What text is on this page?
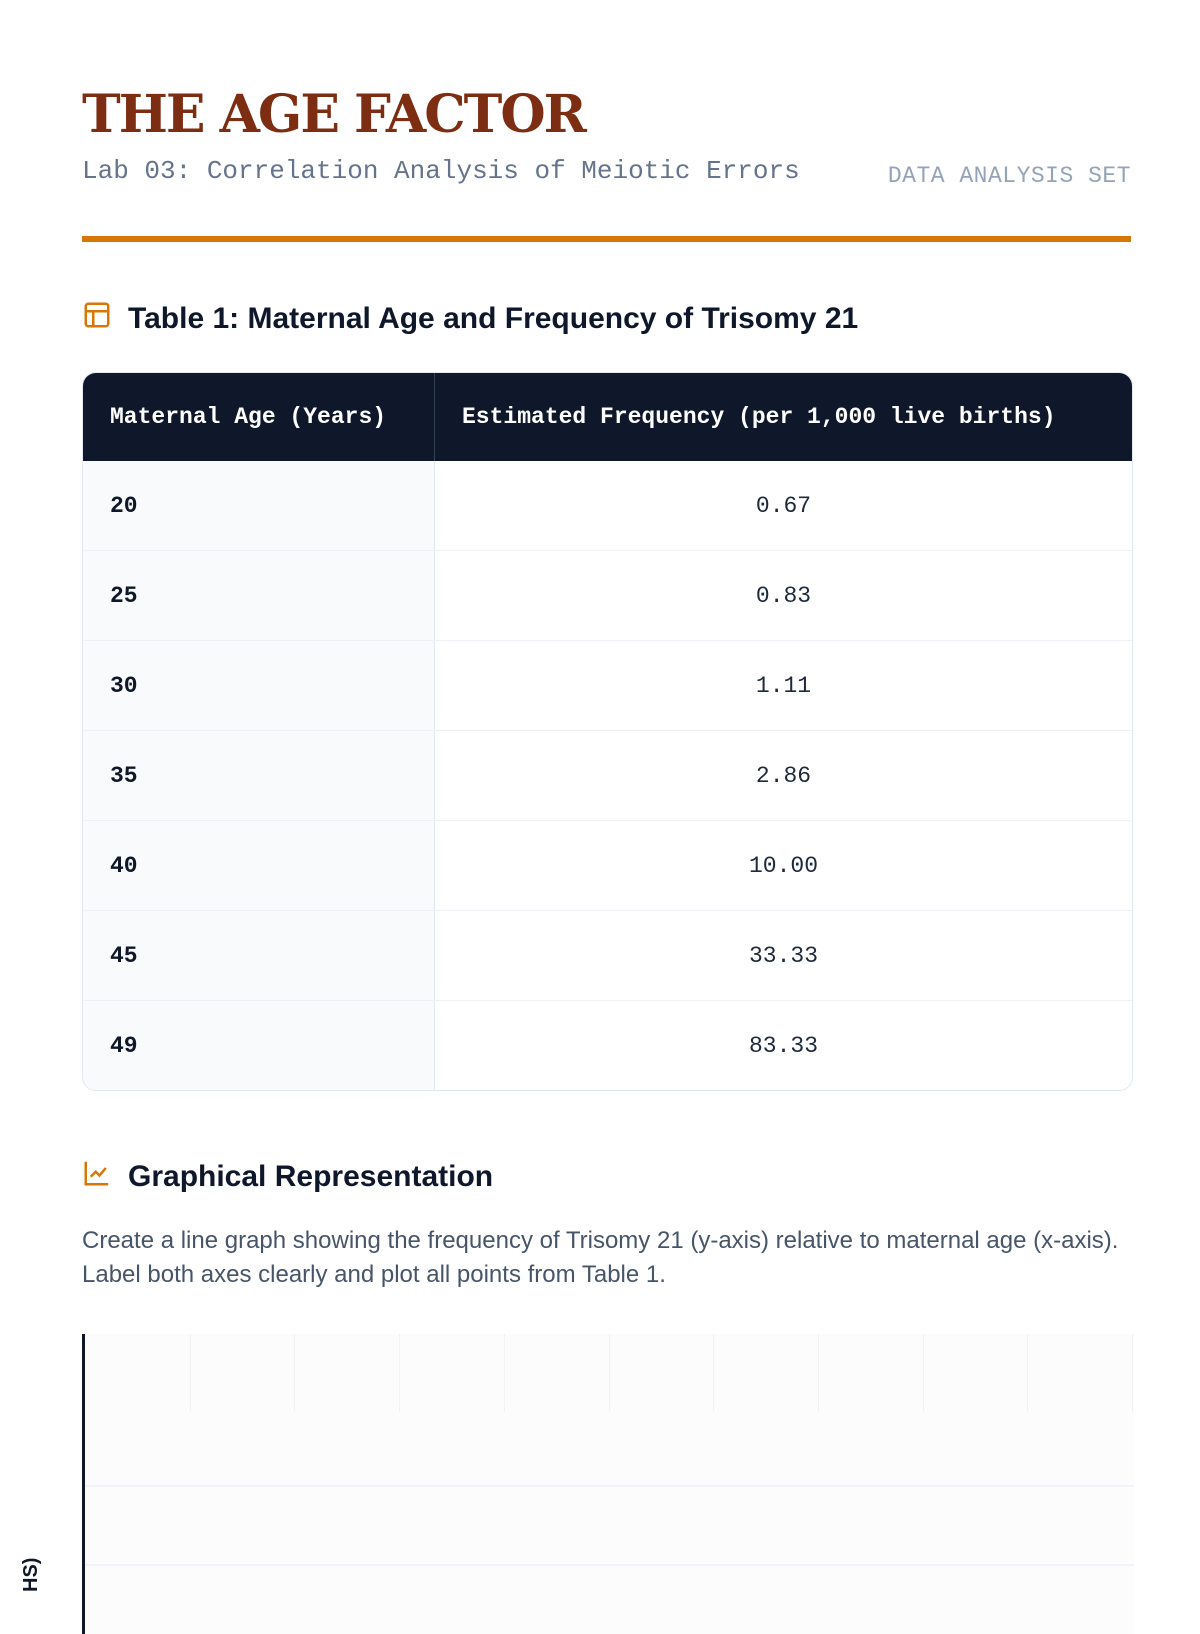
THE AGE FACTOR
Lab 03: Correlation Analysis of Meiotic Errors	DATA ANALYSIS SET
Table 1: Maternal Age and Frequency of Trisomy 21
Maternal Age (Years)	Estimated Frequency (per 1,000 live births)
20	0.67
25	0.83
30	1.11
35	2.86
40	10.00
45	33.33
49	83.33
Graphical Representation

Create a line graph showing the frequency of Trisomy 21 (y-axis) relative to maternal age (x-axis). Label both axes clearly and plot all points from Table 1.

HS)
